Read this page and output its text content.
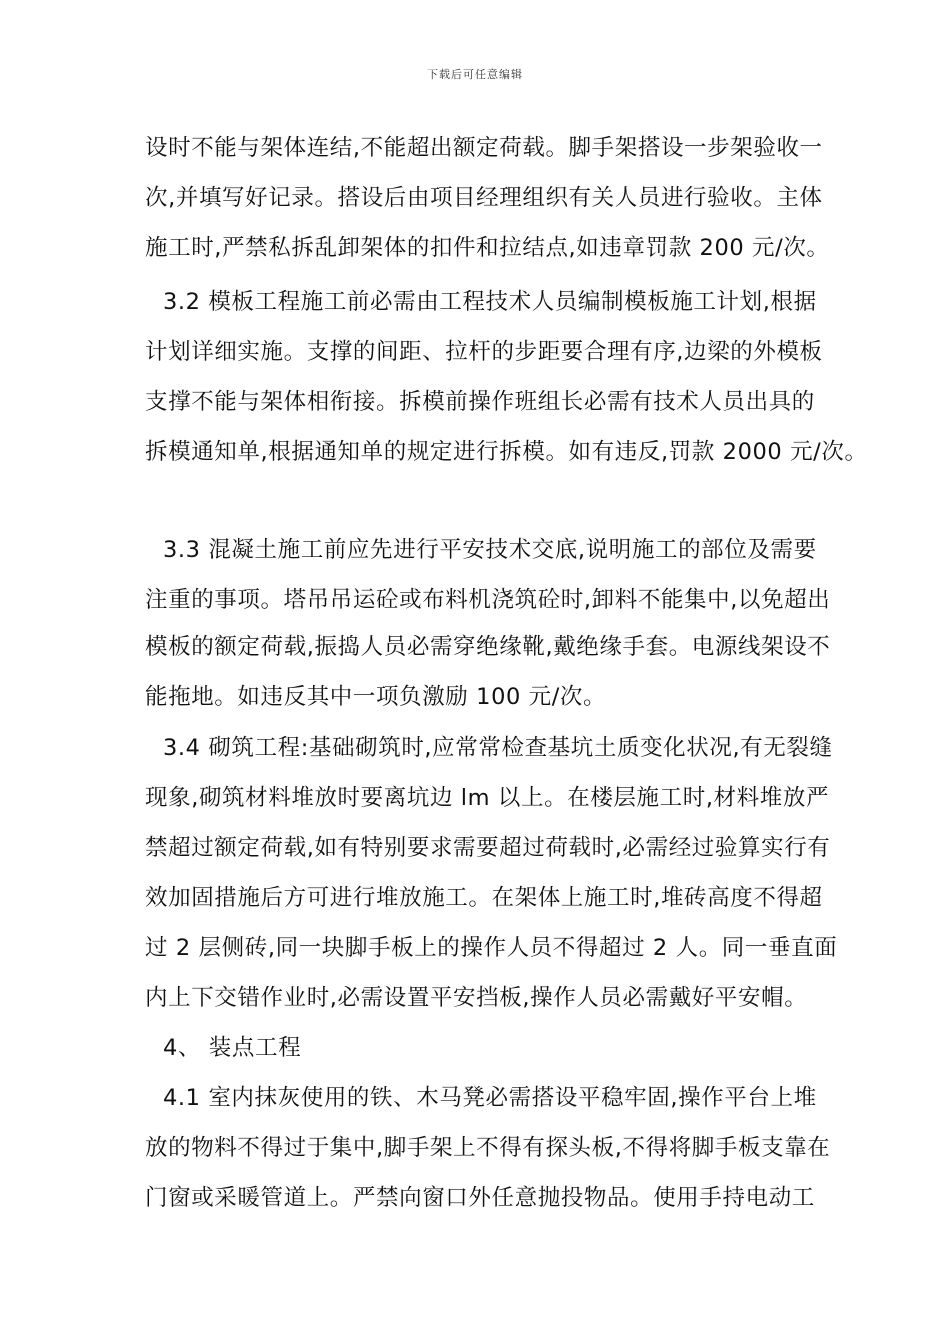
下载后可任意编辑
设时不能与架体连结,不能超出额定荷载。脚手架搭设一步架验收一
次,并填写好记录。搭设后由项目经理组织有关人员进行验收。主体
施工时,严禁私拆乱卸架体的扣件和拉结点,如违章罚款 200 元/次。
3.2 模板工程施工前必需由工程技术人员编制模板施工计划,根据
计划详细实施。支撑的间距、拉杆的步距要合理有序,边梁的外模板
支撑不能与架体相衔接。拆模前操作班组长必需有技术人员出具的
拆模通知单,根据通知单的规定进行拆模。如有违反,罚款 2000 元/次。
3.3 混凝土施工前应先进行平安技术交底,说明施工的部位及需要
注重的事项。塔吊吊运砼或布料机浇筑砼时,卸料不能集中,以免超出
模板的额定荷载,振捣人员必需穿绝缘靴,戴绝缘手套。电源线架设不
能拖地。如违反其中一项负激励 100 元/次。
3.4 砌筑工程:基础砌筑时,应常常检查基坑土质变化状况,有无裂缝
现象,砌筑材料堆放时要离坑边 lm 以上。在楼层施工时,材料堆放严
禁超过额定荷载,如有特别要求需要超过荷载时,必需经过验算实行有
效加固措施后方可进行堆放施工。在架体上施工时,堆砖高度不得超
过 2 层侧砖,同一块脚手板上的操作人员不得超过 2 人。同一垂直面
内上下交错作业时,必需设置平安挡板,操作人员必需戴好平安帽。
4、 装点工程
4.1 室内抹灰使用的铁、木马凳必需搭设平稳牢固,操作平台上堆
放的物料不得过于集中,脚手架上不得有探头板,不得将脚手板支靠在
门窗或采暖管道上。严禁向窗口外任意抛投物品。使用手持电动工
